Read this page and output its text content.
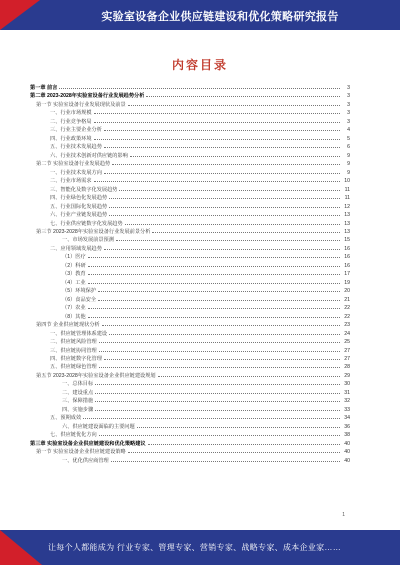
实验室设备企业供应链建设和优化策略研究报告
内容目录
第一章 前言	3
第二章 2023-2028年实验室设备行业发展趋势分析	3
第一节 实验室设备行业发展现状及前景	3
一、行业市场规模	3
二、行业竞争格局	3
三、行业主要企业分析	4
四、行业政策环境	5
五、行业技术发展趋势	6
六、行业技术创新对供应链的影响	9
第二节 实验室设备行业发展趋势	9
一、行业技术发展方向	9
二、行业市场需求	10
三、智能化及数字化发展趋势	11
四、行业绿色化发展趋势	11
五、行业国际化发展趋势	12
六、行业产业链发展趋势	13
七、行业供应链数字化发展趋势	13
第三节 2023-2028年实验室设备行业发展前景分析	13
一、市场发展前景预测	15
二、应用领域发展趋势	16
（1）医疗	16
（2）科研	16
（3）教育	17
（4）工业	19
（5）环境保护	20
（6）食品安全	21
（7）农业	22
（8）其他	22
第四节 企业供应链现状分析	23
一、供应链管理体系建设	24
二、供应链风险管理	25
三、供应链协同管理	27
四、供应链数字化管理	27
五、供应链绿色管理	28
第五节 2023-2028年实验室设备企业供应链建设规划	29
一、总体目标	30
二、建设重点	31
三、保障措施	32
四、实施步骤	33
五、预期成效	34
六、供应链建设面临的主要问题	36
七、供应链优化方向	38
第三章 实验室设备企业供应链建设和优化策略建议	40
第一节 实验室设备企业供应链建设策略	40
一、优化供应商管理	40
1
让每个人都能成为 行业专家、管理专家、营销专家、战略专家、成本企业家……
